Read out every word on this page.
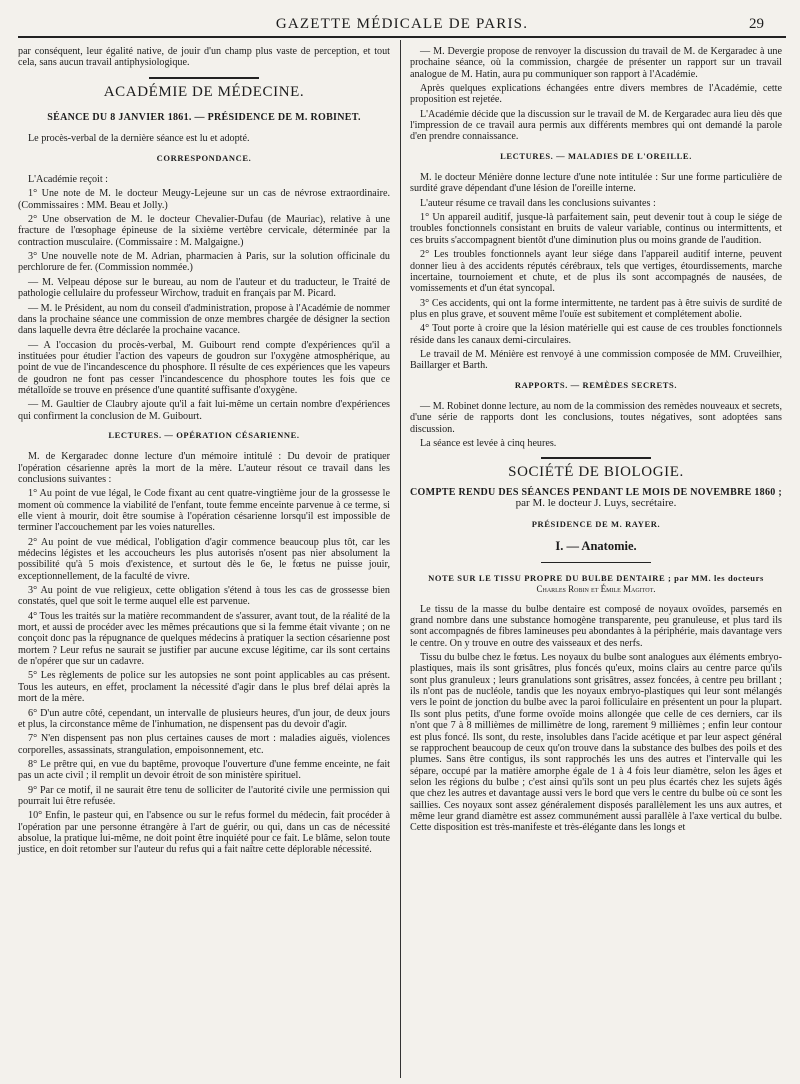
GAZETTE MÉDICALE DE PARIS.	29

par conséquent, leur égalité native, de jouir d'un champ plus vaste de perception, et tout cela, sans aucun travail antiphysiologique.

ACADÉMIE DE MÉDECINE.
SÉANCE DU 8 JANVIER 1861. — PRÉSIDENCE DE M. ROBINET.

Le procès-verbal de la dernière séance est lu et adopté.

CORRESPONDANCE.

L'Académie reçoit :

1° Une note de M. le docteur Meugy-Lejeune sur un cas de névrose extraordinaire. (Commissaires : MM. Beau et Jolly.)

2° Une observation de M. le docteur Chevalier-Dufau (de Mauriac), relative à une fracture de l'œsophage épineuse de la sixième vertèbre cervicale, déterminée par la contraction musculaire. (Commissaire : M. Malgaigne.)

3° Une nouvelle note de M. Adrian, pharmacien à Paris, sur la solution officinale du perchlorure de fer. (Commission nommée.)

— M. Velpeau dépose sur le bureau, au nom de l'auteur et du traducteur, le Traité de pathologie cellulaire du professeur Wirchow, traduit en français par M. Picard.

— M. le Président, au nom du conseil d'administration, propose à l'Académie de nommer dans la prochaine séance une commission de onze membres chargée de désigner la section dans laquelle devra être déclarée la prochaine vacance.

— A l'occasion du procès-verbal, M. Guibourt rend compte d'expériences qu'il a instituées pour étudier l'action des vapeurs de goudron sur l'oxygène atmosphérique, au point de vue de l'incandescence du phosphore. Il résulte de ces expériences que les vapeurs de goudron ne font pas cesser l'incandescence du phosphore toutes les fois que ce métalloïde se trouve en présence d'une quantité suffisante d'oxygène.

— M. Gaultier de Claubry ajoute qu'il a fait lui-même un certain nombre d'expériences qui confirment la conclusion de M. Guibourt.

LECTURES. — OPÉRATION CÉSARIENNE.

M. de Kergaradec donne lecture d'un mémoire intitulé : Du devoir de pratiquer l'opération césarienne après la mort de la mère. L'auteur résout ce travail dans les conclusions suivantes :

1° Au point de vue légal, le Code fixant au cent quatre-vingtième jour de la grossesse le moment où commence la viabilité de l'enfant, toute femme enceinte parvenue à ce terme, si elle vient à mourir, doit être soumise à l'opération césarienne lorsqu'il est impossible de terminer l'accouchement par les voies naturelles.

2° Au point de vue médical, l'obligation d'agir commence beaucoup plus tôt, car les médecins légistes et les accoucheurs les plus autorisés n'osent pas nier absolument la possibilité qu'à 5 mois d'existence, et surtout dès le 6e, le fœtus ne puisse jouir, exceptionnellement, de la faculté de vivre.

3° Au point de vue religieux, cette obligation s'étend à tous les cas de grossesse bien constatés, quel que soit le terme auquel elle est parvenue.

4° Tous les traités sur la matière recommandent de s'assurer, avant tout, de la réalité de la mort, et aussi de procéder avec les mêmes précautions que si la femme était vivante ; on ne conçoit donc pas la répugnance de quelques médecins à pratiquer la section césarienne post mortem ? Leur refus ne saurait se justifier par aucune excuse légitime, car ils sont certains de n'opérer que sur un cadavre.

5° Les règlements de police sur les autopsies ne sont point applicables au cas présent. Tous les auteurs, en effet, proclament la nécessité d'agir dans le plus bref délai après la mort de la mère.

6° D'un autre côté, cependant, un intervalle de plusieurs heures, d'un jour, de deux jours et plus, la circonstance même de l'inhumation, ne dispensent pas du devoir d'agir.

7° N'en dispensent pas non plus certaines causes de mort : maladies aiguës, violences corporelles, assassinats, strangulation, empoisonnement, etc.

8° Le prêtre qui, en vue du baptême, provoque l'ouverture d'une femme enceinte, ne fait pas un acte civil ; il remplit un devoir étroit de son ministère spirituel.

9° Par ce motif, il ne saurait être tenu de solliciter de l'autorité civile une permission qui pourrait lui être refusée.

10° Enfin, le pasteur qui, en l'absence ou sur le refus formel du médecin, fait procéder à l'opération par une personne étrangère à l'art de guérir, ou qui, dans un cas de nécessité absolue, la pratique lui-même, ne doit point être inquiété pour ce fait. Le blâme, selon toute justice, en doit retomber sur l'auteur du refus qui a fait naître cette déplorable nécessité.

— M. Devergie propose de renvoyer la discussion du travail de M. de Kergaradec à une prochaine séance, où la commission, chargée de présenter un rapport sur un travail analogue de M. Hatin, aura pu communiquer son rapport à l'Académie.

Après quelques explications échangées entre divers membres de l'Académie, cette proposition est rejetée.

L'Académie décide que la discussion sur le travail de M. de Kergaradec aura lieu dès que l'impression de ce travail aura permis aux différents membres qui ont demandé la parole d'en prendre connaissance.

LECTURES. — MALADIES DE L'OREILLE.

M. le docteur Ménière donne lecture d'une note intitulée : Sur une forme particulière de surdité grave dépendant d'une lésion de l'oreille interne.

L'auteur résume ce travail dans les conclusions suivantes :

1° Un appareil auditif, jusque-là parfaitement sain, peut devenir tout à coup le siége de troubles fonctionnels consistant en bruits de valeur variable, continus ou intermittents, et ces bruits s'accompagnent bientôt d'une diminution plus ou moins grande de l'audition.

2° Les troubles fonctionnels ayant leur siége dans l'appareil auditif interne, peuvent donner lieu à des accidents réputés cérébraux, tels que vertiges, étourdissements, marche incertaine, tournoiement et chute, et de plus ils sont accompagnés de nausées, de vomissements et d'un état syncopal.

3° Ces accidents, qui ont la forme intermittente, ne tardent pas à être suivis de surdité de plus en plus grave, et souvent même l'ouïe est subitement et complétement abolie.

4° Tout porte à croire que la lésion matérielle qui est cause de ces troubles fonctionnels réside dans les canaux demi-circulaires.

Le travail de M. Ménière est renvoyé à une commission composée de MM. Cruveilhier, Baillarger et Barth.

RAPPORTS. — REMÈDES SECRETS.

— M. Robinet donne lecture, au nom de la commission des remèdes nouveaux et secrets, d'une série de rapports dont les conclusions, toutes négatives, sont adoptées sans discussion.

La séance est levée à cinq heures.

SOCIÉTÉ DE BIOLOGIE.
COMPTE RENDU DES SÉANCES PENDANT LE MOIS DE NOVEMBRE 1860 ;
par M. le docteur J. Luys, secrétaire.
PRÉSIDENCE DE M. RAYER.
I. — Anatomie.
NOTE SUR LE TISSU PROPRE DU BULBE DENTAIRE ; par MM. les docteurs
Charles Robin et Émile Magitot.

Le tissu de la masse du bulbe dentaire est composé de noyaux ovoïdes, parsemés en grand nombre dans une substance homogène transparente, peu granuleuse, et plus tard ils sont accompagnés de fibres lamineuses peu abondantes à la périphérie, mais davantage vers le centre. On y trouve en outre des vaisseaux et des nerfs.

Tissu du bulbe chez le fœtus. Les noyaux du bulbe sont analogues aux éléments embryo-plastiques, mais ils sont grisâtres, plus foncés qu'eux, moins clairs au centre parce qu'ils sont plus granuleux ; leurs granulations sont grisâtres, assez foncées, à centre peu brillant ; ils n'ont pas de nucléole, tandis que les noyaux embryo-plastiques qui leur sont mélangés vers le point de jonction du bulbe avec la paroi folliculaire en présentent un pour la plupart. Ils sont plus petits, d'une forme ovoïde moins allongée que celle de ces derniers, car ils n'ont que 7 à 8 millièmes de millimètre de long, rarement 9 millièmes ; enfin leur contour est plus foncé. Ils sont, du reste, insolubles dans l'acide acétique et par leur aspect général se rapprochent beaucoup de ceux qu'on trouve dans la substance des bulbes des poils et des plumes. Sans être contigus, ils sont rapprochés les uns des autres et l'intervalle qui les sépare, occupé par la matière amorphe égale de 1 à 4 fois leur diamètre, selon les âges et selon les régions du bulbe ; c'est ainsi qu'ils sont un peu plus écartés chez les sujets âgés que chez les autres et davantage aussi vers le bord que vers le centre du bulbe où ce sont les saillies. Ces noyaux sont assez généralement disposés parallèlement les uns aux autres, et même leur grand diamètre est assez communément aussi parallèle à l'axe vertical du bulbe. Cette disposition est très-manifeste et très-élégante dans les longs et
